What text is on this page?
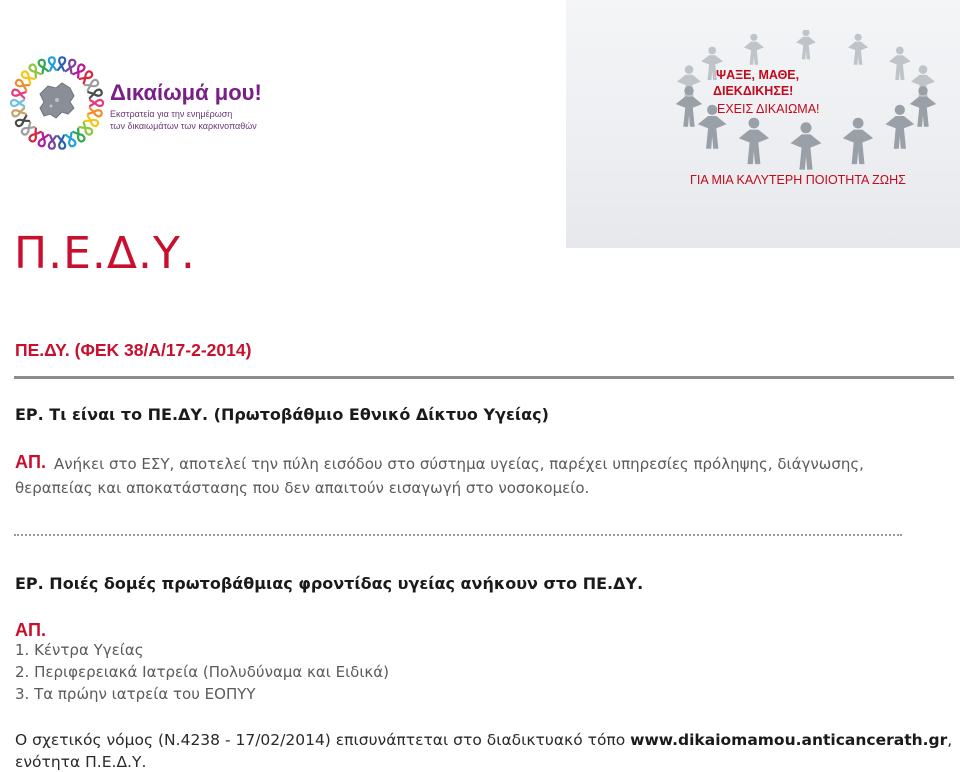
Δικαίωμά μου!
Εκστρατεία για την ενημέρωση
των δικαιωμάτων των καρκινοπαθών
ΨΑΞΕ, ΜΑΘΕ,
ΔΙΕΚΔΙΚΗΣΕ!
ΕΧΕΙΣ ΔΙΚΑΙΩΜΑ!
ΓΙΑ ΜΙΑ ΚΑΛΥΤΕΡΗ ΠΟΙΟΤΗΤΑ ΖΩΗΣ
Π.Ε.Δ.Υ.
ΠΕ.ΔΥ. (ΦΕΚ 38/Α/17-2-2014)
ΕΡ. Τι είναι το ΠΕ.ΔΥ. (Πρωτοβάθμιο Εθνικό Δίκτυο Υγείας)
ΑΠ. Ανήκει στο ΕΣΥ, αποτελεί την πύλη εισόδου στο σύστημα υγείας, παρέχει υπηρεσίες πρόληψης, διάγνωσης,
θεραπείας και αποκατάστασης που δεν απαιτούν εισαγωγή στο νοσοκομείο.
ΕΡ. Ποιές δομές πρωτοβάθμιας φροντίδας υγείας ανήκουν στο ΠΕ.ΔΥ.
ΑΠ.
1. Κέντρα Υγείας
2. Περιφερειακά Ιατρεία (Πολυδύναμα και Ειδικά)
3. Τα πρώην ιατρεία του ΕΟΠΥΥ
Ο σχετικός νόμος (Ν.4238 - 17/02/2014) επισυνάπτεται στο διαδικτυακό τόπο www.dikaiomamou.anticancerath.gr,
ενότητα Π.Ε.Δ.Υ.
